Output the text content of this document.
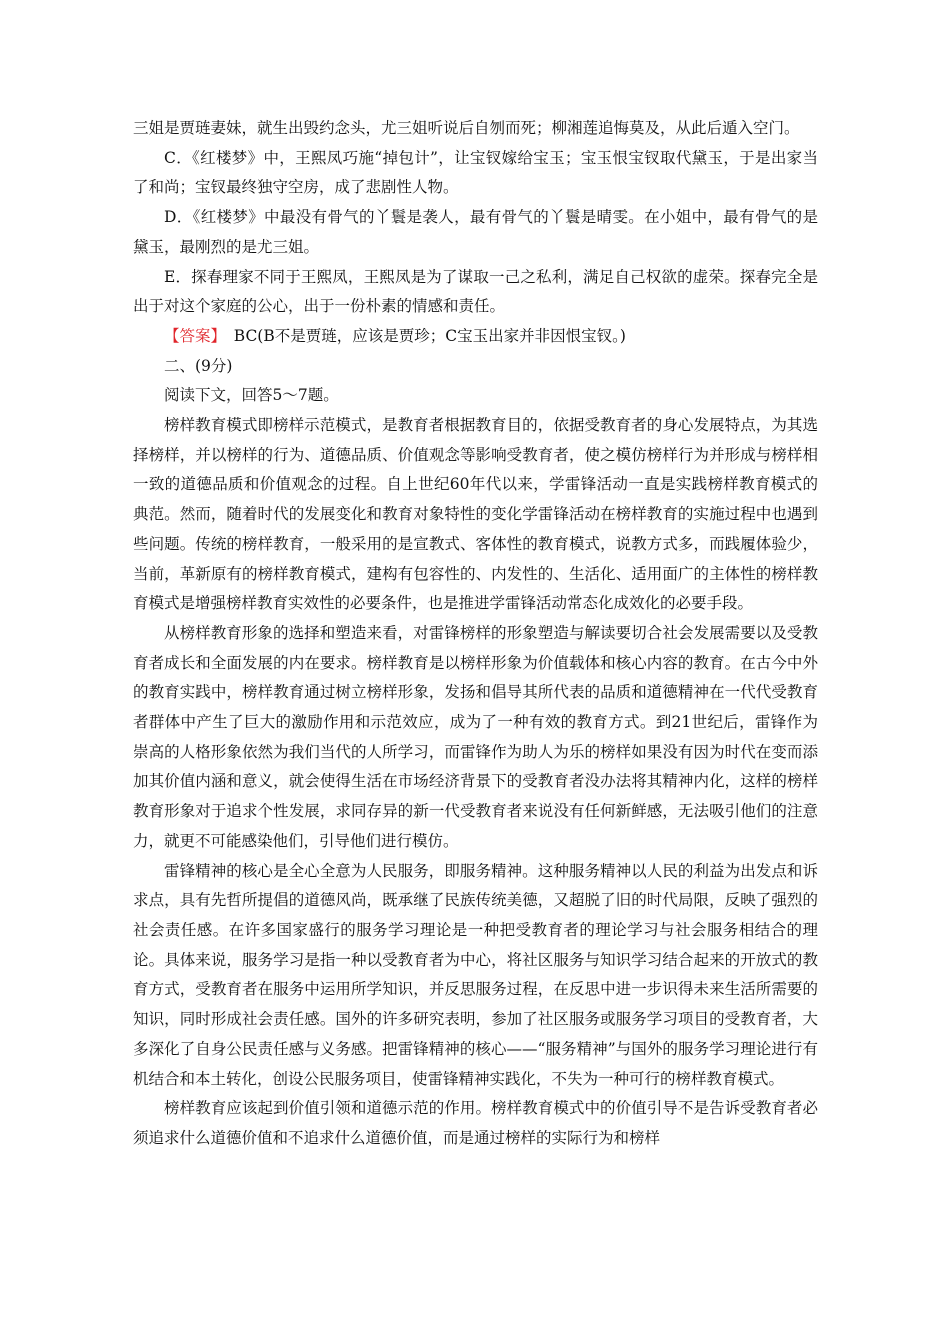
三姐是贾琏妻妹，就生出毁约念头，尤三姐听说后自刎而死；柳湘莲追悔莫及，从此后遁入空门。

C．《红楼梦》中，王熙凤巧施“掉包计”，让宝钗嫁给宝玉；宝玉恨宝钗取代黛玉，于是出家当了和尚；宝钗最终独守空房，成了悲剧性人物。

D．《红楼梦》中最没有骨气的丫鬟是袭人，最有骨气的丫鬟是晴雯。在小姐中，最有骨气的是黛玉，最刚烈的是尤三姐。

E．探春理家不同于王熙凤，王熙凤是为了谋取一己之私利，满足自己权欲的虚荣。探春完全是出于对这个家庭的公心，出于一份朴素的情感和责任。

【答案】　BC(B不是贾琏，应该是贾珍；C宝玉出家并非因恨宝钗。)

二、(9分)

阅读下文，回答5～7题。

榜样教育模式即榜样示范模式，是教育者根据教育目的，依据受教育者的身心发展特点，为其选择榜样，并以榜样的行为、道德品质、价值观念等影响受教育者，使之模仿榜样行为并形成与榜样相一致的道德品质和价值观念的过程。自上世纪60年代以来，学雷锋活动一直是实践榜样教育模式的典范。然而，随着时代的发展变化和教育对象特性的变化学雷锋活动在榜样教育的实施过程中也遇到些问题。传统的榜样教育，一般采用的是宣教式、客体性的教育模式，说教方式多，而践履体验少，当前，革新原有的榜样教育模式，建构有包容性的、内发性的、生活化、适用面广的主体性的榜样教育模式是增强榜样教育实效性的必要条件，也是推进学雷锋活动常态化成效化的必要手段。

从榜样教育形象的选择和塑造来看，对雷锋榜样的形象塑造与解读要切合社会发展需要以及受教育者成长和全面发展的内在要求。榜样教育是以榜样形象为价值载体和核心内容的教育。在古今中外的教育实践中，榜样教育通过树立榜样形象，发扬和倡导其所代表的品质和道德精神在一代代受教育者群体中产生了巨大的激励作用和示范效应，成为了一种有效的教育方式。到21世纪后，雷锋作为崇高的人格形象依然为我们当代的人所学习，而雷锋作为助人为乐的榜样如果没有因为时代在变而添加其价值内涵和意义，就会使得生活在市场经济背景下的受教育者没办法将其精神内化，这样的榜样教育形象对于追求个性发展，求同存异的新一代受教育者来说没有任何新鲜感，无法吸引他们的注意力，就更不可能感染他们，引导他们进行模仿。

雷锋精神的核心是全心全意为人民服务，即服务精神。这种服务精神以人民的利益为出发点和诉求点，具有先哲所提倡的道德风尚，既承继了民族传统美德，又超脱了旧的时代局限，反映了强烈的社会责任感。在许多国家盛行的服务学习理论是一种把受教育者的理论学习与社会服务相结合的理论。具体来说，服务学习是指一种以受教育者为中心，将社区服务与知识学习结合起来的开放式的教育方式，受教育者在服务中运用所学知识，并反思服务过程，在反思中进一步识得未来生活所需要的知识，同时形成社会责任感。国外的许多研究表明，参加了社区服务或服务学习项目的受教育者，大多深化了自身公民责任感与义务感。把雷锋精神的核心——“服务精神”与国外的服务学习理论进行有机结合和本土转化，创设公民服务项目，使雷锋精神实践化，不失为一种可行的榜样教育模式。

榜样教育应该起到价值引领和道德示范的作用。榜样教育模式中的价值引导不是告诉受教育者必须追求什么道德价值和不追求什么道德价值，而是通过榜样的实际行为和榜样
